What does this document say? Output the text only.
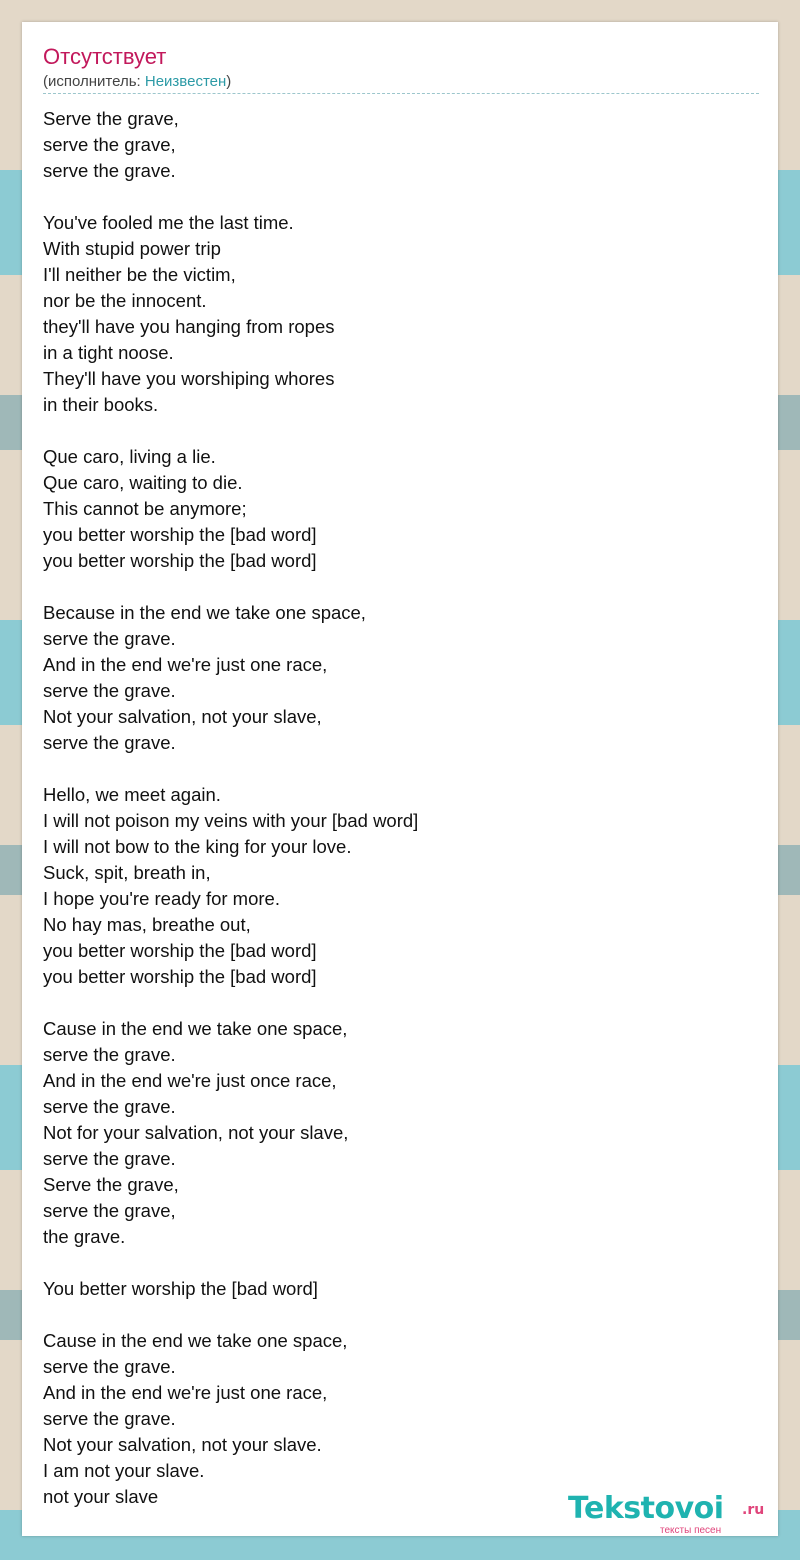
Отсутствует
(исполнитель: Неизвестен)
Serve the grave,
serve the grave,
serve the grave.
You've fooled me the last time.
With stupid power trip
I'll neither be the victim,
nor be the innocent.
they'll have you hanging from ropes
in a tight noose.
They'll have you worshiping whores
in their books.
Que caro, living a lie.
Que caro, waiting to die.
This cannot be anymore;
you better worship the [bad word]
you better worship the [bad word]
Because in the end we take one space,
serve the grave.
And in the end we're just one race,
serve the grave.
Not your salvation, not your slave,
serve the grave.
Hello, we meet again.
I will not poison my veins with your [bad word]
I will not bow to the king for your love.
Suck, spit, breath in,
I hope you're ready for more.
No hay mas, breathe out,
you better worship the [bad word]
you better worship the [bad word]
Cause in the end we take one space,
serve the grave.
And in the end we're just once race,
serve the grave.
Not for your salvation, not your slave,
serve the grave.
Serve the grave,
serve the grave,
the grave.
You better worship the [bad word]
Cause in the end we take one space,
serve the grave.
And in the end we're just one race,
serve the grave.
Not your salvation, not your slave.
I am not your slave.
not your slave	Tekstovoi .ru
тексты песен
